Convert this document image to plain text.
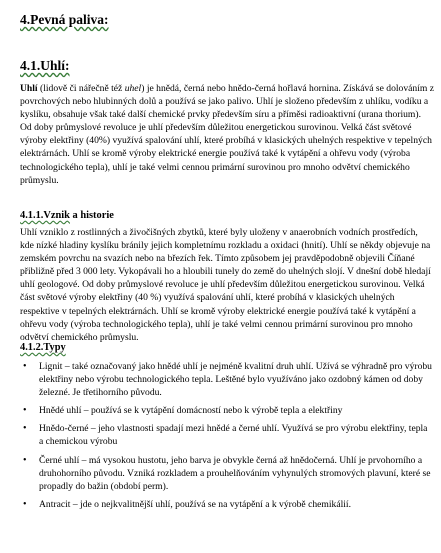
4.Pevná paliva:
4.1.Uhlí:

Uhlí (lidově či nářečně též uhel) je hnědá, černá nebo hnědo-černá hořlavá hornina. Získává se dolováním z povrchových nebo hlubinných dolů a používá se jako palivo. Uhlí je složeno především z uhlíku, vodíku a kyslíku, obsahuje však také další chemické prvky především síru a příměsi radioaktivní (urana thorium). Od doby průmyslové revoluce je uhlí především důležitou energetickou surovinou. Velká část světové výroby elektřiny (40%) využívá spalování uhlí, které probíhá v klasických uhelných respektive v tepelných elektrárnách. Uhlí se kromě výroby elektrické energie používá také k vytápění a ohřevu vody (výroba technologického tepla), uhlí je také velmi cennou primární surovinou pro mnoho odvětví chemického průmyslu.

4.1.1.Vznik a historie

Uhlí vzniklo z rostlinných a živočišných zbytků, které byly uloženy v anaerobních vodních prostředích, kde nízké hladiny kyslíku bránily jejich kompletnímu rozkladu a oxidaci (hnití). Uhlí se někdy objevuje na zemském povrchu na svazích nebo na březích řek. Tímto způsobem jej pravděpodobně objevili Číňané přibližně před 3 000 lety. Vykopávali ho a hloubili tunely do země do uhelných slojí. V dnešní době hledají uhlí geologové. Od doby průmyslové revoluce je uhlí především důležitou energetickou surovinou. Velká část světové výroby elektřiny (40 %) využívá spalování uhlí, které probíhá v klasických uhelných respektive v tepelných elektrárnách. Uhlí se kromě výroby elektrické energie používá také k vytápění a ohřevu vody (výroba technologického tepla), uhlí je také velmi cennou primární surovinou pro mnoho odvětví chemického průmyslu.

4.1.2.Typy
• Lignit – také označovaný jako hnědé uhlí je nejméně kvalitní druh uhlí. Užívá se výhradně pro výrobu elektřiny nebo výrobu technologického tepla. Leštěné bylo využíváno jako ozdobný kámen od doby železné. Je třetihorního původu.
• Hnědé uhlí – používá se k vytápění domácností nebo k výrobě tepla a elektřiny
• Hnědo-černé – jeho vlastnosti spadají mezi hnědé a černé uhlí. Využívá se pro výrobu elektřiny, tepla a chemickou výrobu
• Černé uhlí – má vysokou hustotu, jeho barva je obvykle černá až hnědočerná. Uhlí je prvohorního a druhohorního původu. Vzniká rozkladem a prouhelňováním vyhynulých stromových plavuní, které se propadly do bažin (období perm).
• Antracit – jde o nejkvalitnější uhlí, používá se na vytápění a k výrobě chemikálií.
